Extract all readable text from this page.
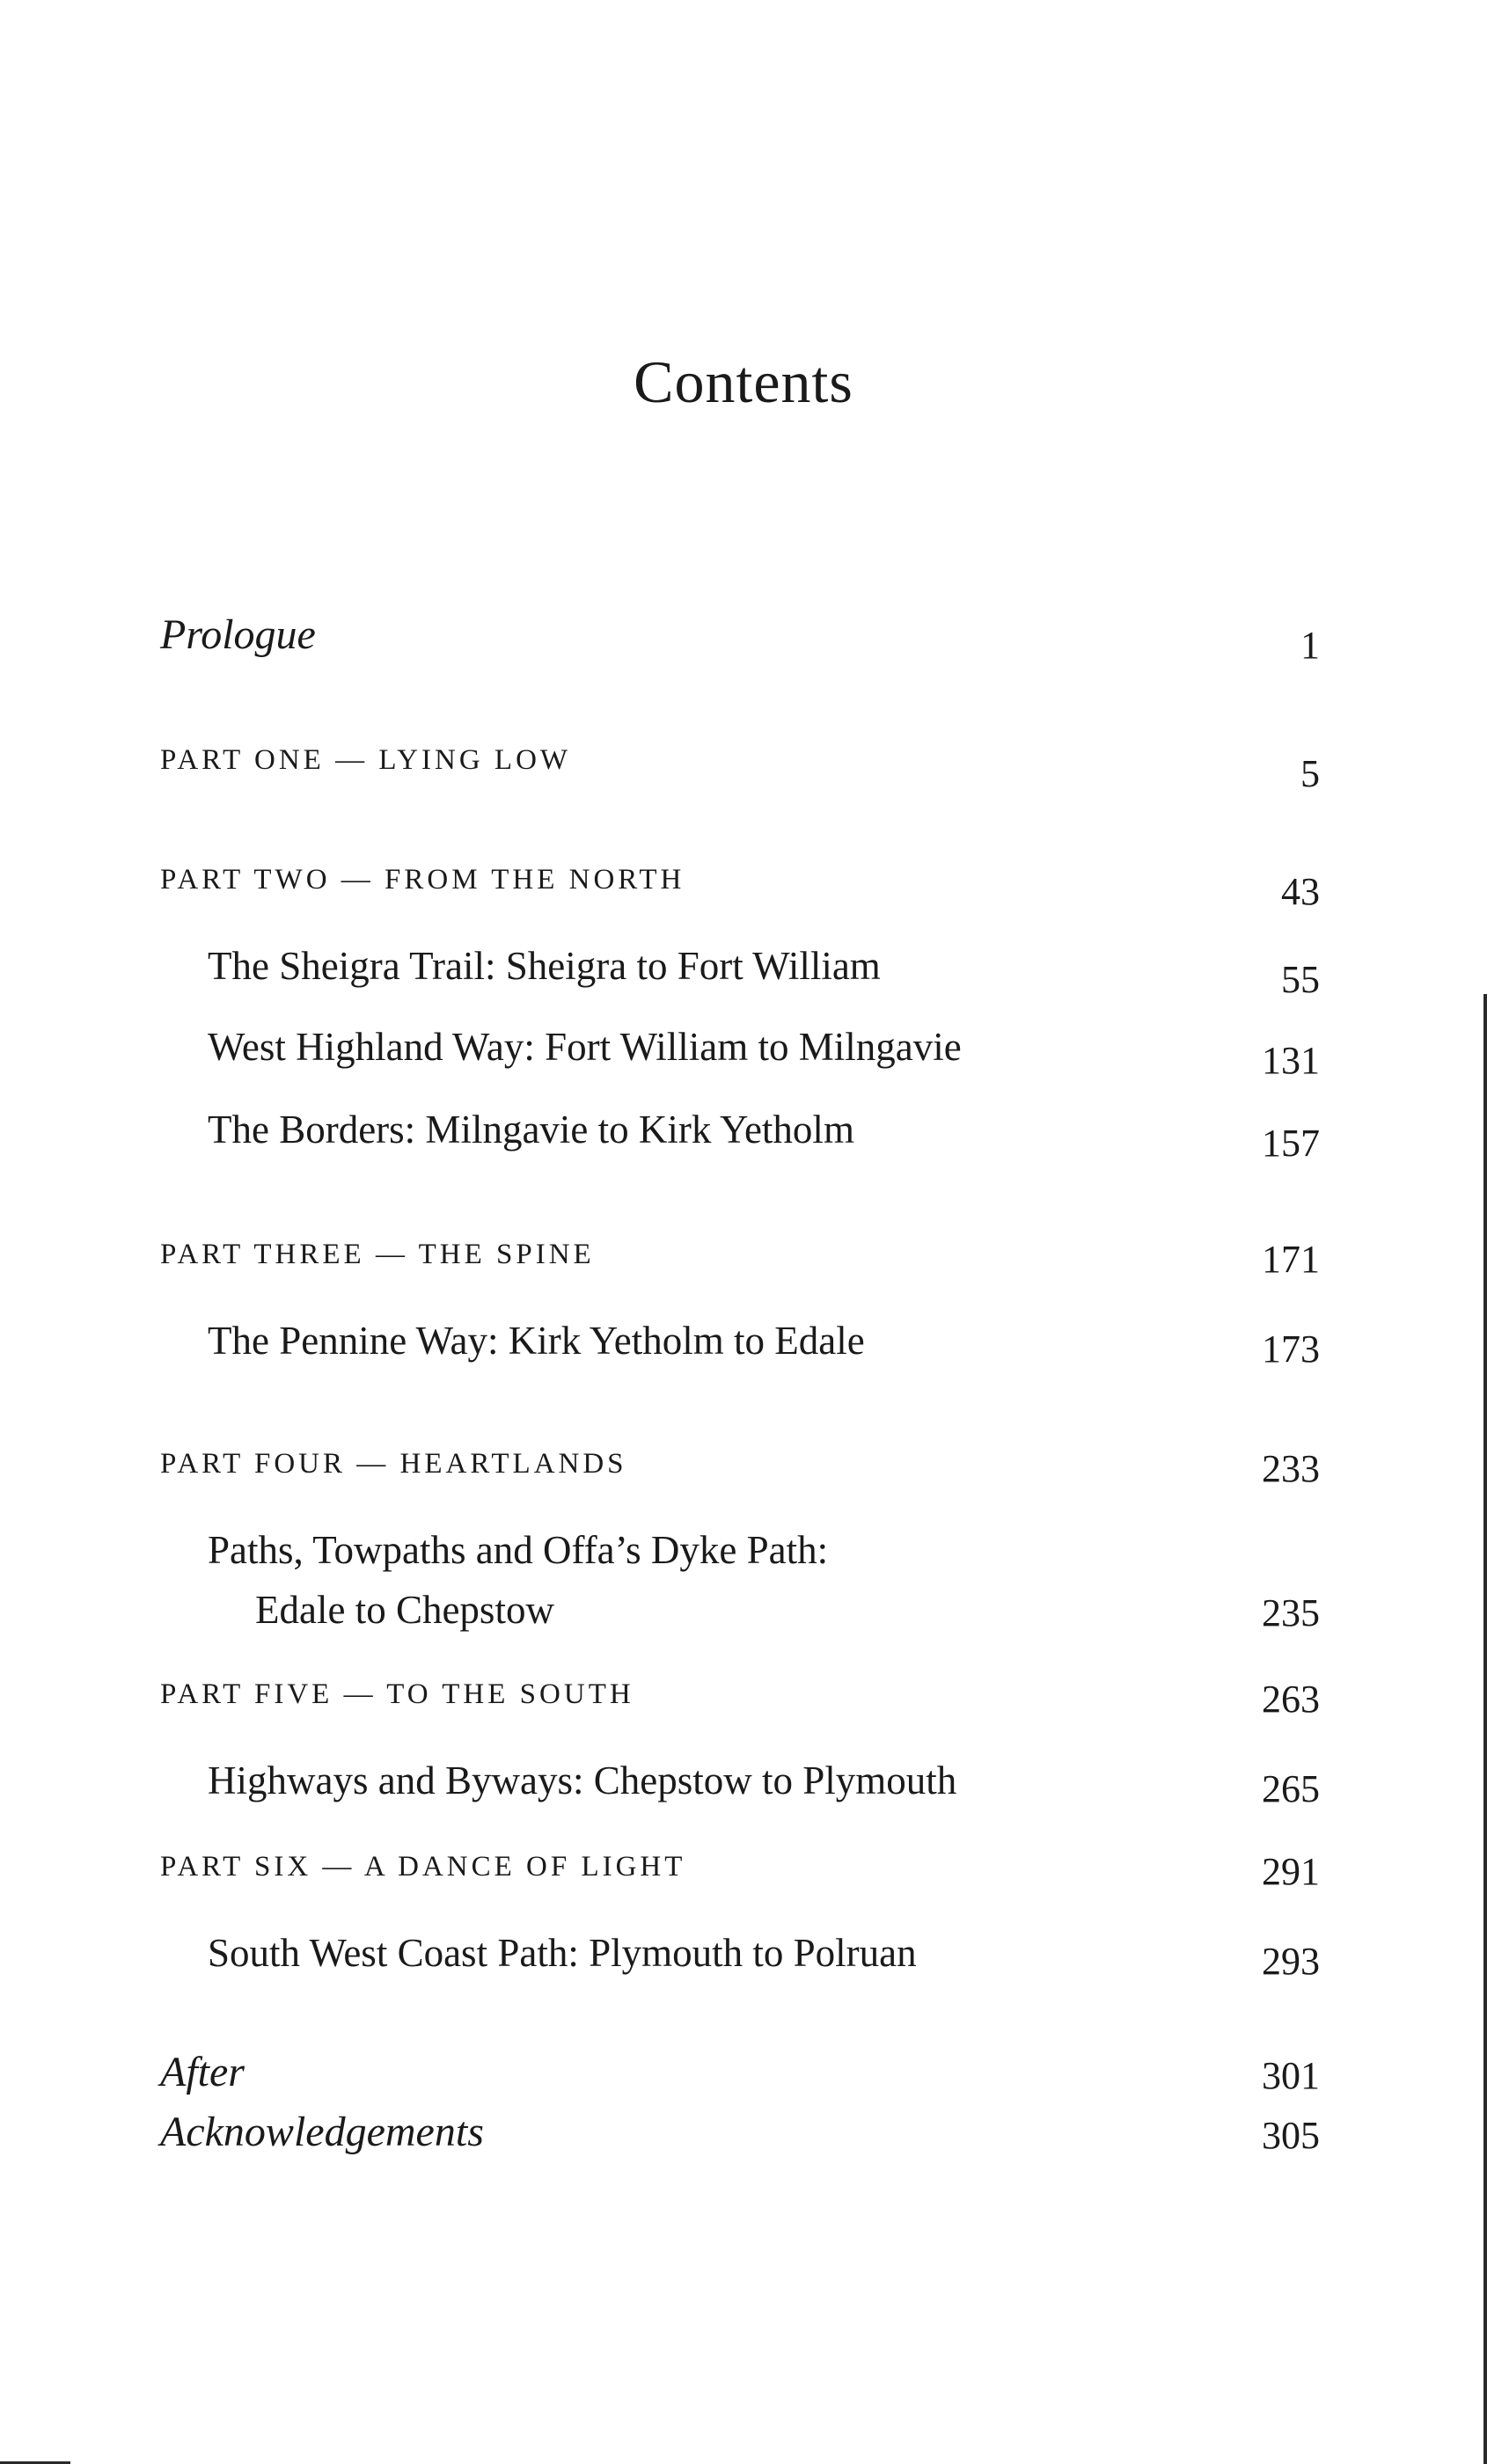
Contents
Prologue	1
PART ONE — LYING LOW	5
PART TWO — FROM THE NORTH	43
The Sheigra Trail: Sheigra to Fort William	55
West Highland Way: Fort William to Milngavie	131
The Borders: Milngavie to Kirk Yetholm	157
PART THREE — THE SPINE	171
The Pennine Way: Kirk Yetholm to Edale	173
PART FOUR — HEARTLANDS	233
Paths, Towpaths and Offa’s Dyke Path:
Edale to Chepstow	235
PART FIVE — TO THE SOUTH	263
Highways and Byways: Chepstow to Plymouth	265
PART SIX — A DANCE OF LIGHT	291
South West Coast Path: Plymouth to Polruan	293
After	301
Acknowledgements	305
